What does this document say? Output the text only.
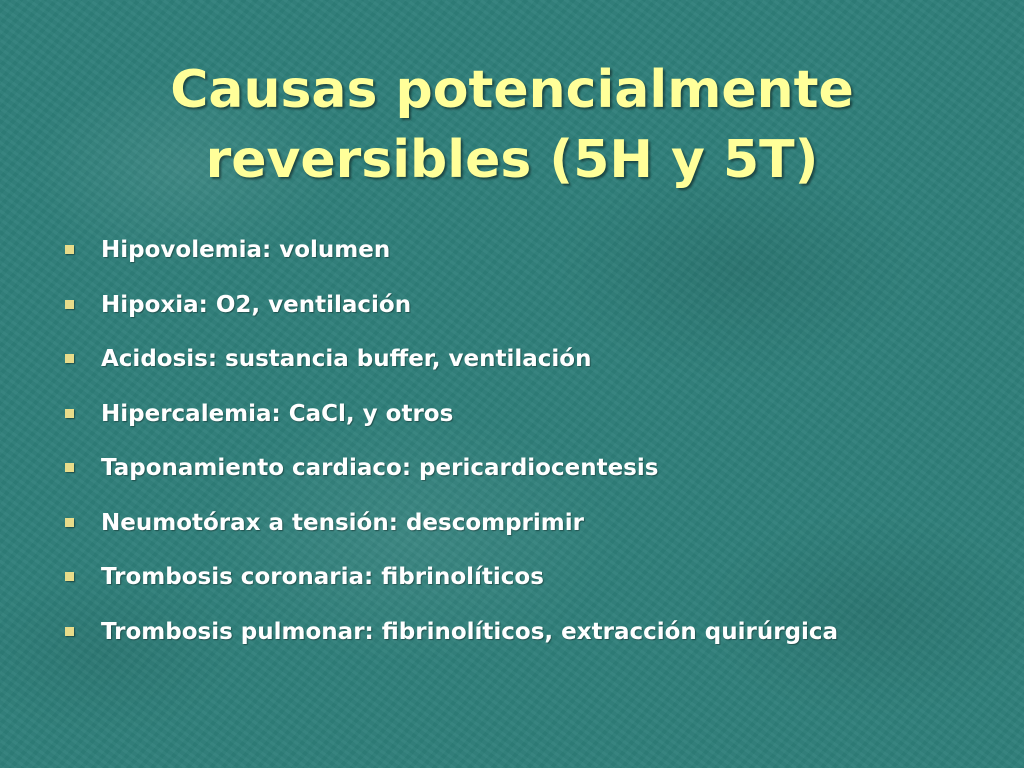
Causas potencialmente
reversibles (5H y 5T)
Hipovolemia: volumen
Hipoxia: O2, ventilación
Acidosis: sustancia buffer, ventilación
Hipercalemia: CaCl, y otros
Taponamiento cardiaco: pericardiocentesis
Neumotórax a tensión: descomprimir
Trombosis coronaria: fibrinolíticos
Trombosis pulmonar: fibrinolíticos, extracción quirúrgica
